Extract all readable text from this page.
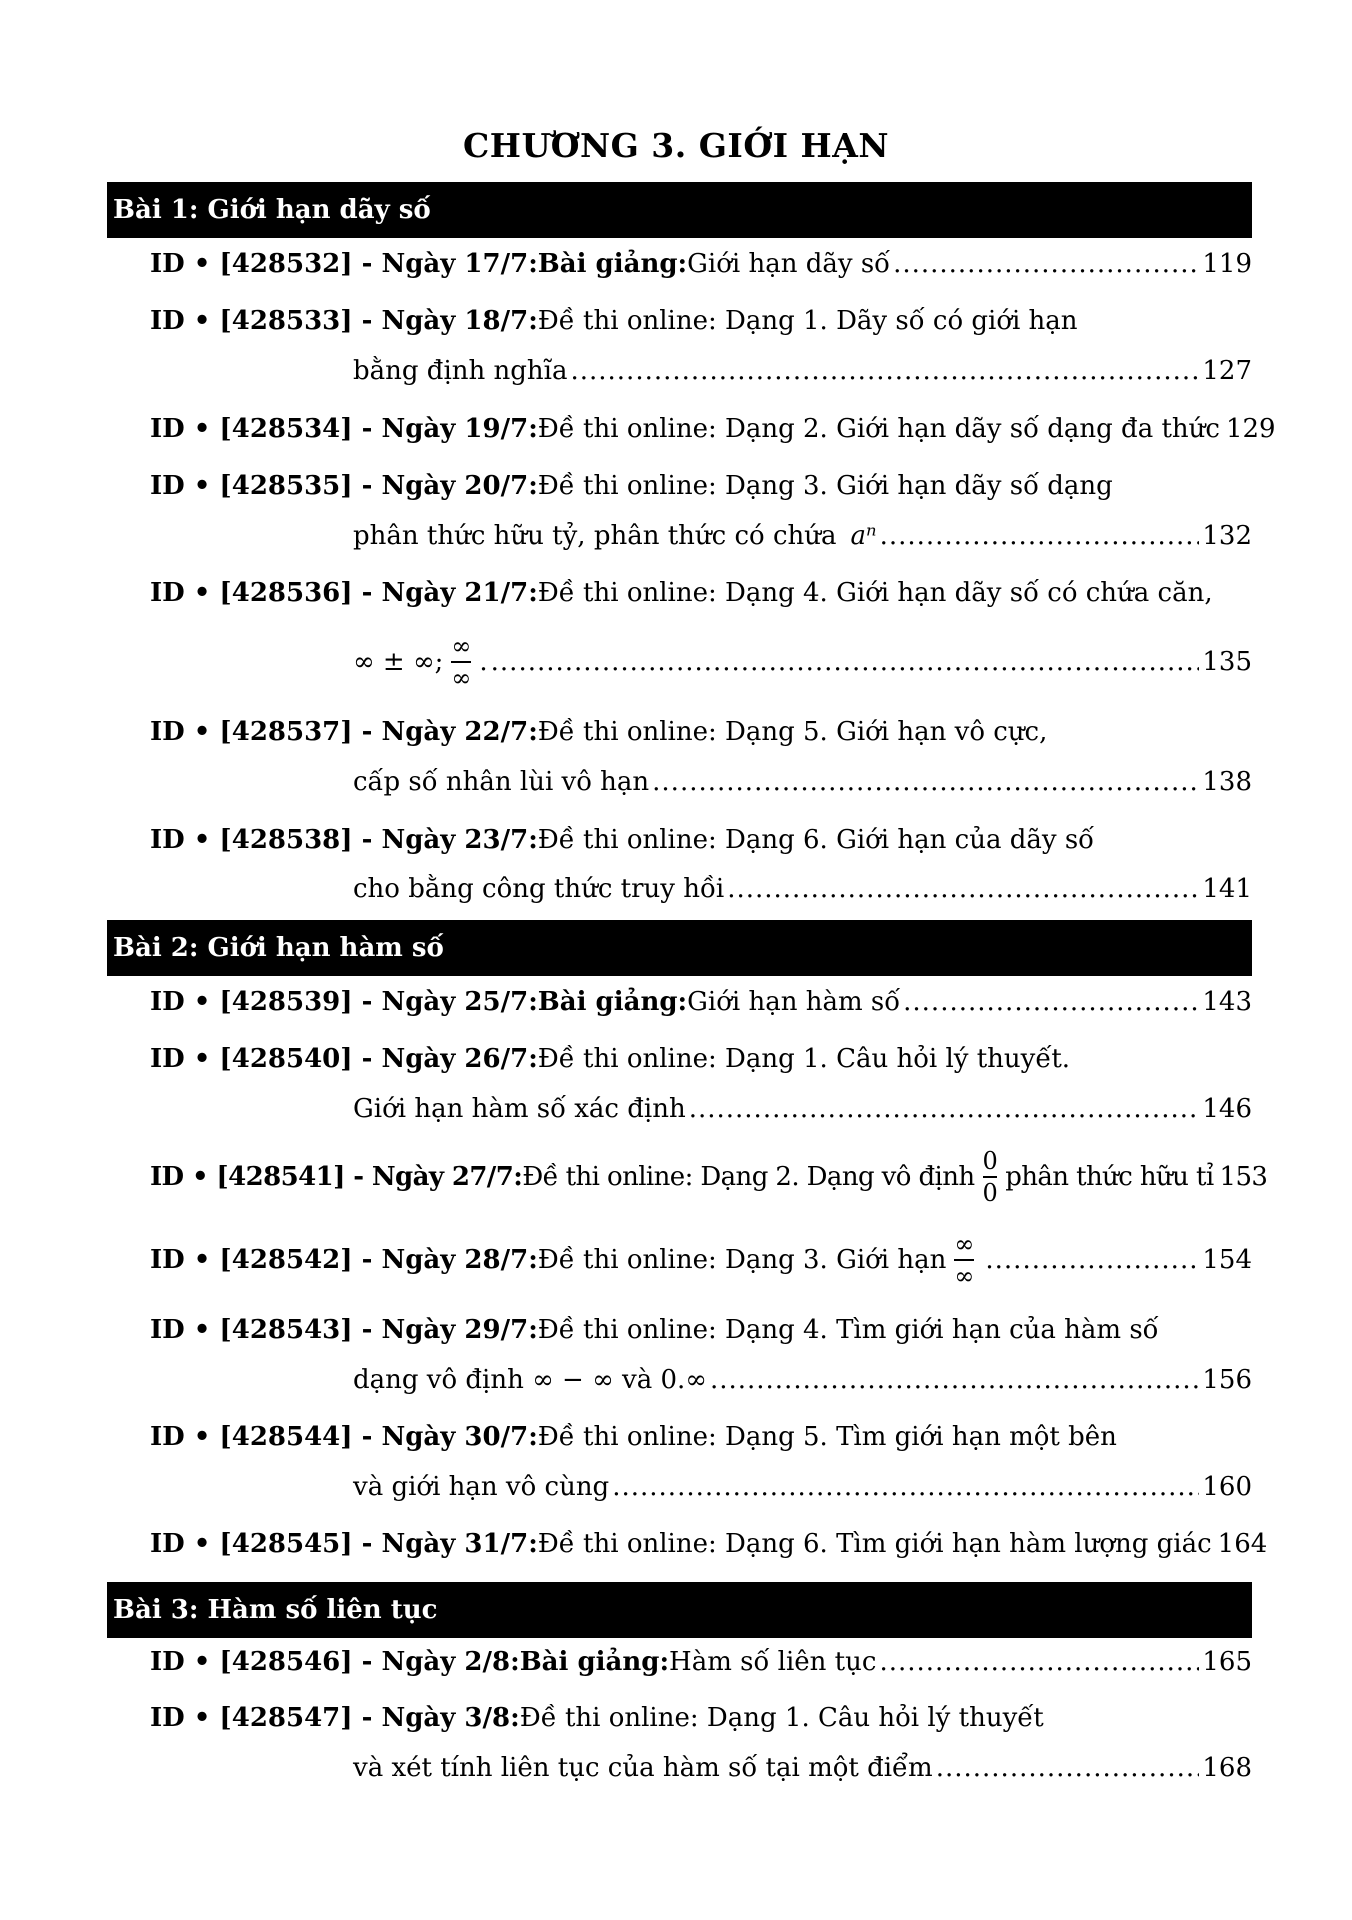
CHƯƠNG 3. GIỚI HẠN
Bài 1: Giới hạn dãy số
ID • [428532] - Ngày 17/7: Bài giảng: Giới hạn dãy số .....	119
ID • [428533] - Ngày 18/7: Đề thi online: Dạng 1. Dãy số có giới hạn
bằng định nghĩa .....	127
ID • [428534] - Ngày 19/7: Đề thi online: Dạng 2. Giới hạn dãy số dạng đa thức 129
ID • [428535] - Ngày 20/7: Đề thi online: Dạng 3. Giới hạn dãy số dạng
phân thức hữu tỷ, phân thức có chứa aⁿ .....	132
ID • [428536] - Ngày 21/7: Đề thi online: Dạng 4. Giới hạn dãy số có chứa căn,
∞ ± ∞; $\frac{\infty}{\infty}$ . .....	135
ID • [428537] - Ngày 22/7: Đề thi online: Dạng 5. Giới hạn vô cực,
cấp số nhân lùi vô hạn .....	138
ID • [428538] - Ngày 23/7: Đề thi online: Dạng 6. Giới hạn của dãy số
cho bằng công thức truy hồi .....	141
Bài 2: Giới hạn hàm số
ID • [428539] - Ngày 25/7: Bài giảng: Giới hạn hàm số .....	143
ID • [428540] - Ngày 26/7: Đề thi online: Dạng 1. Câu hỏi lý thuyết.
Giới hạn hàm số xác định .....	146
ID • [428541] - Ngày 27/7: Đề thi online: Dạng 2. Dạng vô định $\frac{0}{0}$ phân thức hữu tỉ 153
ID • [428542] - Ngày 28/7: Đề thi online: Dạng 3. Giới hạn $\frac{\infty}{\infty}$ .....	154
ID • [428543] - Ngày 29/7: Đề thi online: Dạng 4. Tìm giới hạn của hàm số
dạng vô định ∞ − ∞ và 0.∞ .....	156
ID • [428544] - Ngày 30/7: Đề thi online: Dạng 5. Tìm giới hạn một bên
và giới hạn vô cùng .....	160
ID • [428545] - Ngày 31/7: Đề thi online: Dạng 6. Tìm giới hạn hàm lượng giác 164
Bài 3: Hàm số liên tục
ID • [428546] - Ngày 2/8: Bài giảng: Hàm số liên tục .....	165
ID • [428547] - Ngày 3/8: Đề thi online: Dạng 1. Câu hỏi lý thuyết
và xét tính liên tục của hàm số tại một điểm .....	168
